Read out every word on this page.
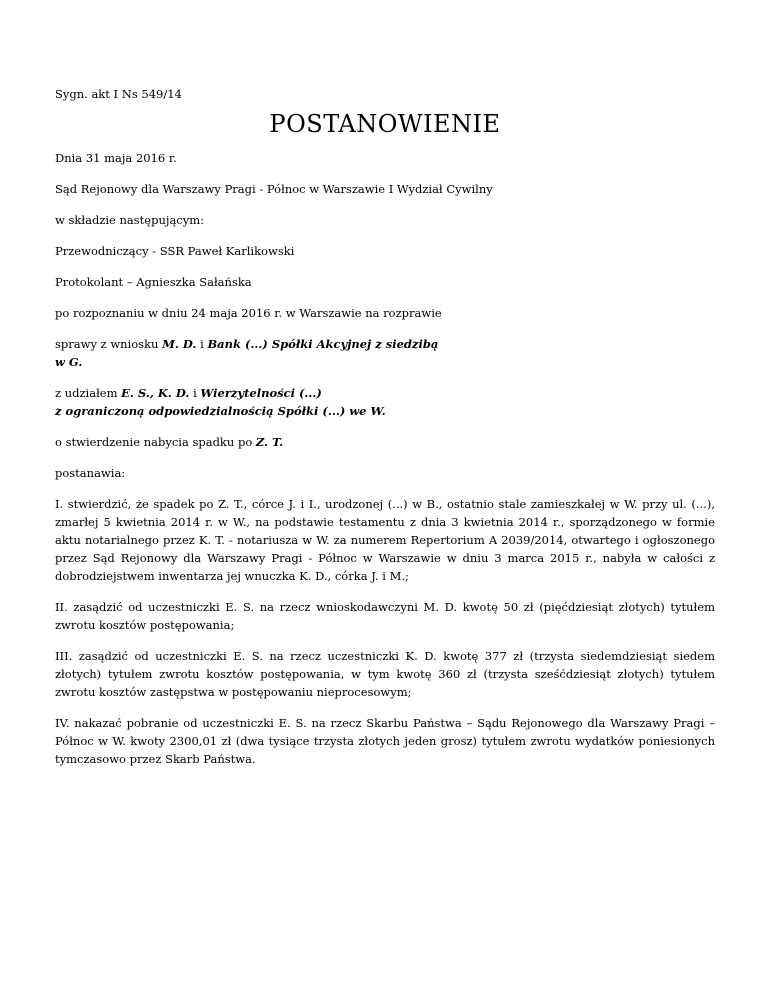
Sygn. akt I Ns 549/14
POSTANOWIENIE
Dnia 31 maja 2016 r.
Sąd Rejonowy dla Warszawy Pragi - Północ w Warszawie I Wydział Cywilny
w składzie następującym:
Przewodniczący - SSR Paweł Karlikowski
Protokolant – Agnieszka Sałańska
po rozpoznaniu w dniu 24 maja 2016 r. w Warszawie na rozprawie
sprawy z wniosku M. D. i Bank (...) Spółki Akcyjnej z siedzibą
w G.
z udziałem E. S., K. D. i Wierzytelności (...)
z ograniczoną odpowiedzialnością Spółki (...) we W.
o stwierdzenie nabycia spadku po Z. T.
postanawia:
I. stwierdzić, że spadek po Z. T., córce J. i I., urodzonej (...) w B., ostatnio stale zamieszkałej w W. przy ul. (...), zmarłej 5 kwietnia 2014 r. w W., na podstawie testamentu z dnia 3 kwietnia 2014 r., sporządzonego w formie aktu notarialnego przez K. T. - notariusza w W. za numerem Repertorium A 2039/2014, otwartego i ogłoszonego przez Sąd Rejonowy dla Warszawy Pragi - Północ w Warszawie w dniu 3 marca 2015 r., nabyła w całości z dobrodziejstwem inwentarza jej wnuczka K. D., córka J. i M.;
II. zasądzić od uczestniczki E. S. na rzecz wnioskodawczyni M. D. kwotę 50 zł (pięćdziesiąt złotych) tytułem zwrotu kosztów postępowania;
III. zasądzić od uczestniczki E. S. na rzecz uczestniczki K. D. kwotę 377 zł (trzysta siedemdziesiąt siedem złotych) tytułem zwrotu kosztów postępowania, w tym kwotę 360 zł (trzysta sześćdziesiąt złotych) tytułem zwrotu kosztów zastępstwa w postępowaniu nieprocesowym;
IV. nakazać pobranie od uczestniczki E. S. na rzecz Skarbu Państwa – Sądu Rejonowego dla Warszawy Pragi – Północ w W. kwoty 2300,01 zł (dwa tysiące trzysta złotych jeden grosz) tytułem zwrotu wydatków poniesionych tymczasowo przez Skarb Państwa.
